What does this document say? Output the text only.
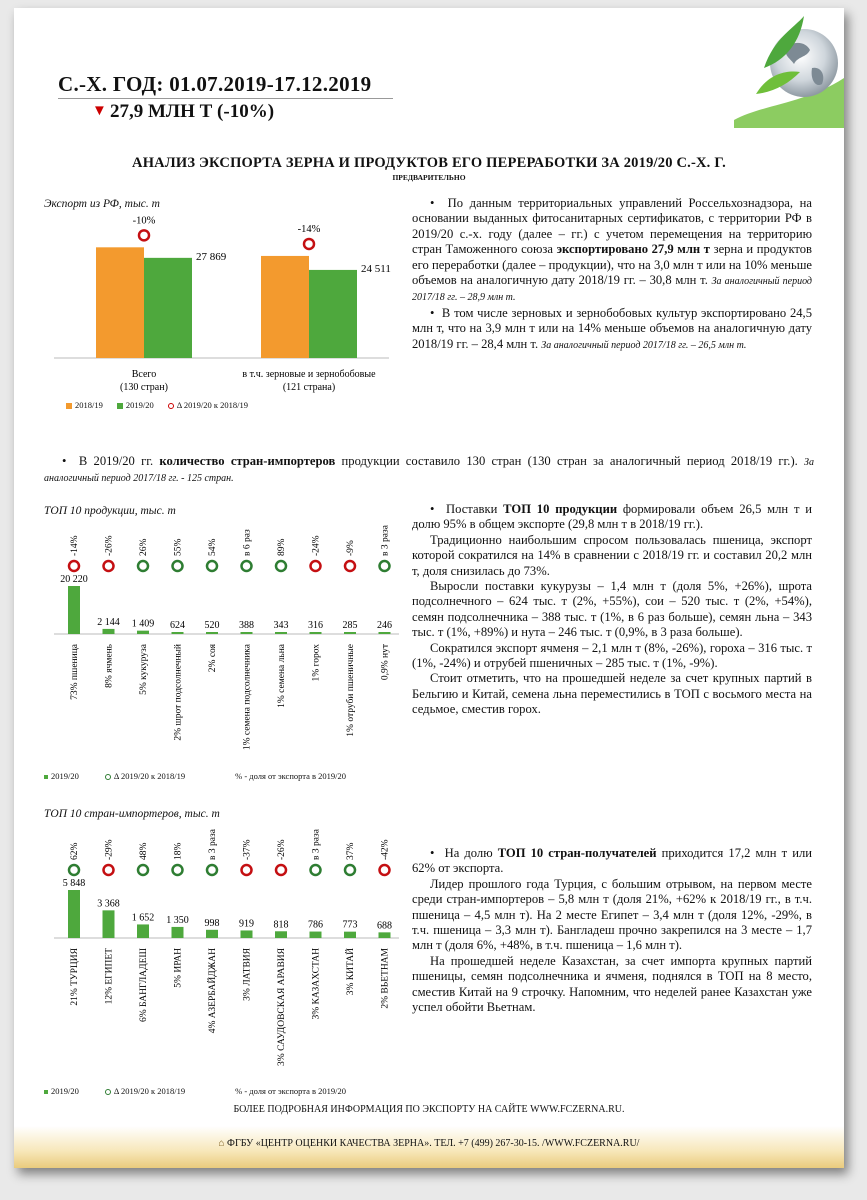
С.-Х. ГОД: 01.07.2019-17.12.2019
▼ 27,9 МЛН Т (-10%)
АНАЛИЗ ЭКСПОРТА ЗЕРНА И ПРОДУКТОВ ЕГО ПЕРЕРАБОТКИ ЗА 2019/20 С.-Х. Г.
ПРЕДВАРИТЕЛЬНО
Экспорт из РФ, тыс. т
27 869
-10%
Всего
(130 стран)
24 511
-14%
в т.ч. зерновые и зернобобовые
(121 страна)
2018/19	2019/20	Δ 2019/20 к 2018/19

•  По данным территориальных управлений Россельхознадзора, на основании выданных фитосанитарных сертификатов, с территории РФ в 2019/20 с.-х. году (далее – гг.) с учетом перемещения на территорию стран Таможенного союза экспортировано 27,9 млн т зерна и продуктов его переработки (далее – продукции), что на 3,0 млн т или на 10% меньше объемов на аналогичную дату 2018/19 гг. – 30,8 млн т. За аналогичный период 2017/18 гг. – 28,9 млн т.

•  В том числе зерновых и зернобобовых культур экспортировано 24,5 млн т, что на 3,9 млн т или на 14% меньше объемов на аналогичную дату 2018/19 гг. – 28,4 млн т. За аналогичный период 2017/18 гг. – 26,5 млн т.

•  В 2019/20 гг. количество стран-импортеров продукции составило 130 стран (130 стран за аналогичный период 2018/19 гг.). За аналогичный период 2017/18 гг. - 125 стран.

ТОП 10 продукции, тыс. т
20 220
-14%
73% пшеница
2 144
-26%
8% ячмень
1 409
26%
5% кукуруза
624
55%
2% шрот подсолнечный
520
54%
2% соя
388
в 6 раз
1% семена подсолнечника
343
89%
1% семена льна
316
-24%
1% горох
285
-9%
1% отруби пшеничные
246
в 3 раза
0,9% нут
2019/20	Δ 2019/20 к 2018/19	% - доля от экспорта в 2019/20

•  Поставки ТОП 10 продукции формировали объем 26,5 млн т и долю 95% в общем экспорте (29,8 млн т в 2018/19 гг.).

Традиционно наибольшим спросом пользовалась пшеница, экспорт которой сократился на 14% в сравнении с 2018/19 гг. и составил 20,2 млн т, доля снизилась до 73%.

Выросли поставки кукурузы – 1,4 млн т (доля 5%, +26%), шрота подсолнечного – 624 тыс. т (2%, +55%), сои – 520 тыс. т (2%, +54%), семян подсолнечника – 388 тыс. т (1%, в 6 раз больше), семян льна – 343 тыс. т (1%, +89%) и нута – 246 тыс. т (0,9%, в 3 раза больше).

Сократился экспорт ячменя – 2,1 млн т (8%, -26%), гороха – 316 тыс. т (1%, -24%) и отрубей пшеничных – 285 тыс. т (1%, -9%).

Стоит отметить, что на прошедшей неделе за счет крупных партий в Бельгию и Китай, семена льна переместились в ТОП с восьмого места на седьмое, сместив горох.

ТОП 10 стран-импортеров, тыс. т
5 848
62%
21% ТУРЦИЯ
3 368
-29%
12% ЕГИПЕТ
1 652
48%
6% БАНГЛАДЕШ
1 350
18%
5% ИРАН
998
в 3 раза
4% АЗЕРБАЙДЖАН
919
-37%
3% ЛАТВИЯ
818
-26%
3% САУДОВСКАЯ АРАВИЯ
786
в 3 раза
3% КАЗАХСТАН
773
37%
3% КИТАЙ
688
-42%
2% ВЬЕТНАМ
2019/20	Δ 2019/20 к 2018/19	% - доля от экспорта в 2019/20

•  На долю ТОП 10 стран-получателей приходится 17,2 млн т или 62% от экспорта.

Лидер прошлого года Турция, с большим отрывом, на первом месте среди стран-импортеров – 5,8 млн т (доля 21%, +62% к 2018/19 гг., в т.ч. пшеница – 4,5 млн т). На 2 месте Египет – 3,4 млн т (доля 12%, -29%, в т.ч. пшеница – 3,3 млн т). Бангладеш прочно закрепился на 3 месте – 1,7 млн т (доля 6%, +48%, в т.ч. пшеница – 1,6 млн т).

На прошедшей неделе Казахстан, за счет импорта крупных партий пшеницы, семян подсолнечника и ячменя, поднялся в ТОП на 8 место, сместив Китай на 9 строчку. Напомним, что неделей ранее Казахстан уже успел обойти Вьетнам.

БОЛЕЕ ПОДРОБНАЯ ИНФОРМАЦИЯ ПО ЭКСПОРТУ НА САЙТЕ WWW.FCZERNA.RU.
⌂ ФГБУ «ЦЕНТР ОЦЕНКИ КАЧЕСТВА ЗЕРНА». ТЕЛ. +7 (499) 267-30-15. /WWW.FCZERNA.RU/
